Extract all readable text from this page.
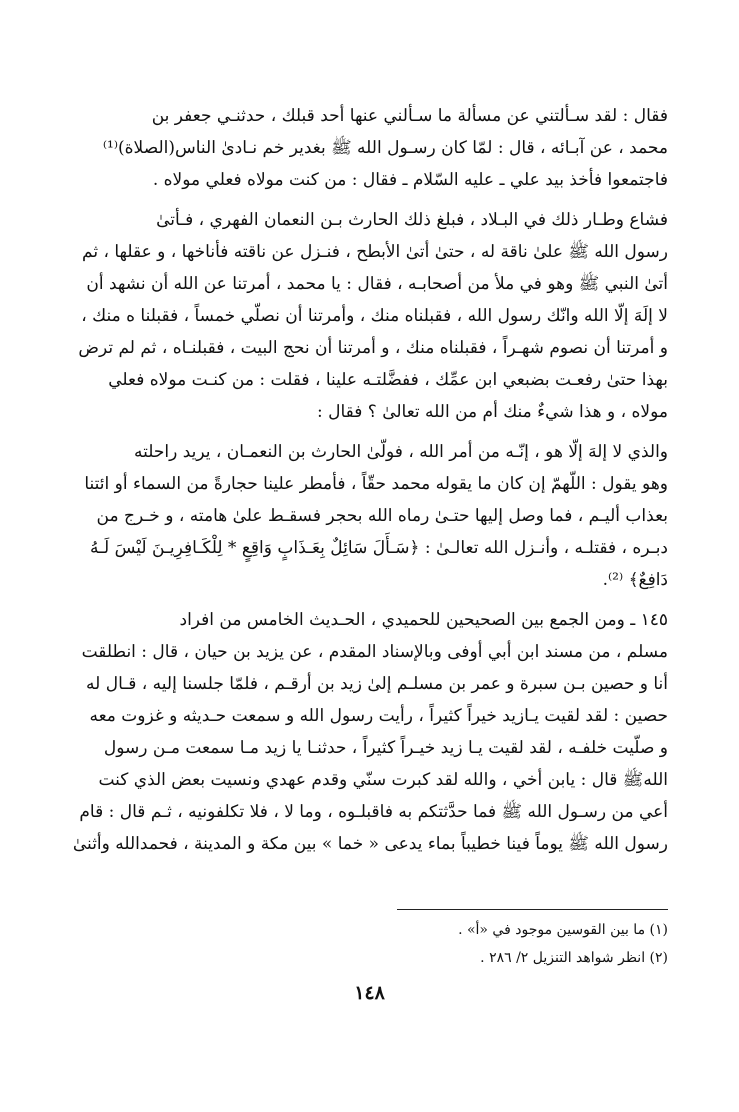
فقال : لقد سـألتني عن مسألة ما سـألني عنها أحد قبلك ، حدثنـي جعفر بن
محمد ، عن آبـائه ، قال : لمّا كان رسـول الله ﷺ بغدير خم نـادىٰ الناس(الصلاة)⁽¹⁾
فاجتمعوا فأخذ بيد علي ـ عليه السّلام ـ فقال : من كنت مولاه فعلي مولاه .
فشاع وطـار ذلك في البـلاد ، فبلغ ذلك الحارث بـن النعمان الفهري ، فـأتىٰ
رسول الله ﷺ علىٰ ناقة له ، حتىٰ أتىٰ الأبطح ، فنـزل عن ناقته فأناخها ، و عقلها ، ثم
أتىٰ النبي ﷺ وهو في ملأ من أصحابـه ، فقال : يا محمد ، أمرتنا عن الله أن نشهد أن
لا إلَهَ إلّا الله وانّك رسول الله ، فقبلناه منك ، وأمرتنا أن نصلّي خمساً ، فقبلنا ه منك ،
و أمرتنا أن نصوم شهـراً ، فقبلناه منك ، و أمرتنا أن نحج البيت ، فقبلنـاه ، ثم لم ترض
بهذا حتىٰ رفعـت بضبعي ابن عمِّك ، ففضَّلتـه علينا ، فقلت : من كنـت مولاه فعلي
مولاه ، و هذا شيءٌ منك أم من الله تعالىٰ ؟ فقال :
والذي لا إلهَ إلّا هو ، إنّـه من أمر الله ، فولّىٰ الحارث بن النعمـان ، يريد راحلته
وهو يقول : اللّهمّ إن كان ما يقوله محمد حقّاً ، فأمطر علينا حجارةً من السماء أو ائتنا
بعذاب أليـم ، فما وصل إليها حتـىٰ رماه الله بحجر فسقـط علىٰ هامته ، و خـرج من
دبـره ، فقتلـه ، وأنـزل الله تعالـىٰ : ﴿سَـأَلَ سَائِلٌ بِعَـذَابٍ وَاقِعٍ * لِلْكَـافِرِيـنَ لَيْسَ لَـهُ
دَافِعٌ﴾ ⁽²⁾.
١٤٥ ـ ومن الجمع بين الصحيحين للحميدي ، الحـديث الخامس من افراد
مسلم ، من مسند ابن أبي أوفى وبالإسناد المقدم ، عن يزيد بن حيان ، قال : انطلقت
أنا و حصين بـن سبرة و عمر بن مسلـم إلىٰ زيد بن أرقـم ، فلمّا جلسنا إليه ، قـال له
حصين : لقد لقيت يـازيد خيراً كثيراً ، رأيت رسول الله و سمعت حـديثه و غزوت معه
و صلّيت خلفـه ، لقد لقيت يـا زيد خيـراً كثيراً ، حدثنـا يا زيد مـا سمعت مـن رسول
اللهﷺ قال : يابن أخي ، والله لقد كبرت سنّي وقدم عهدي ونسيت بعض الذي كنت
أعي من رسـول الله ﷺ فما حدَّثتكم به فاقبلـوه ، وما لا ، فلا تكلفونيه ، ثـم قال : قام
رسول الله ﷺ يوماً فينا خطيباً بماء يدعى « خما » بين مكة و المدينة ، فحمدالله وأثنىٰ
(١) ما بين القوسين موجود في «أ» .
(٢) انظر شواهد التنزيل ٢/ ٢٨٦ .
١٤٨
